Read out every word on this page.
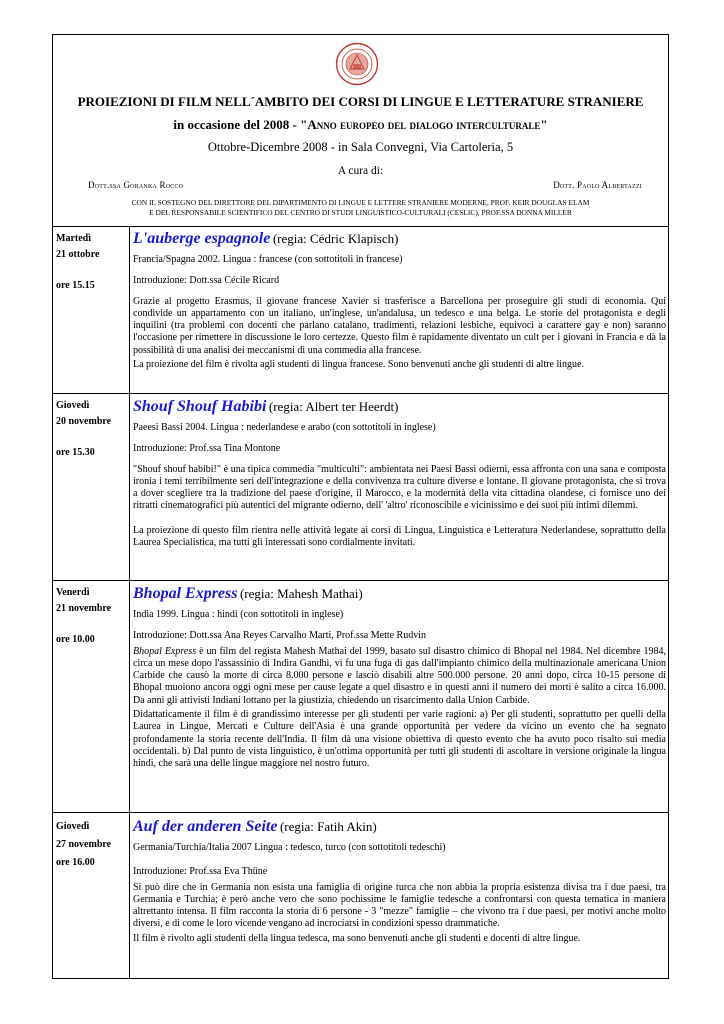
PROIEZIONI DI FILM NELL´AMBITO DEI CORSI DI LINGUE E LETTERATURE STRANIERE
in occasione del 2008 - "Anno europeo del dialogo interculturale"
Ottobre-Dicembre 2008 - in Sala Convegni, Via Cartoleria, 5
A cura di:
Dott.ssa Goranka Rocco	Dott. Paolo Albertazzi
CON IL SOSTEGNO DEL DIRETTORE DEL DIPARTIMENTO DI LINGUE E LETTERE STRANIERE MODERNE, PROF. KEIR DOUGLAS ELAM
E DEL RESPONSABILE SCIENTIFICO DEL CENTRO DI STUDI LINGUISTICO-CULTURALI (CESLIC), PROF.SSA DONNA MILLER
Martedì
21 ottobre
ore 15.15
L'auberge espagnole (regia: Cédric Klapisch)
Francia/Spagna 2002. Lingua : francese (con sottotitoli in francese)
Introduzione: Dott.ssa Cécile Ricard

Grazie al progetto Erasmus, il giovane francese Xavier si trasferisce a Barcellona per proseguire gli studi di economia. Qui condivide un appartamento con un italiano, un'inglese, un'andalusa, un tedesco e una belga. Le storie del protagonista e degli inquilini (tra problemi con docenti che parlano catalano, tradimenti, relazioni lesbiche, equivoci a carattere gay e non) saranno l'occasione per rimettere in discussione le loro certezze. Questo film è rapidamente diventato un cult per i giovani in Francia e dà la possibilità di una analisi dei meccanismi di una commedia alla francese.

La proiezione del film è rivolta agli studenti di lingua francese. Sono benvenuti anche gli studenti di altre lingue.

Giovedì
20 novembre
ore 15.30
Shouf Shouf Habibi (regia: Albert ter Heerdt)
Paeesi Bassi 2004. Lingua : nederlandese e arabo (con sottotitoli in inglese)
Introduzione: Prof.ssa Tina Montone

"Shouf shouf habibi!" è una tipica commedia "multiculti": ambientata nei Paesi Bassi odierni, essa affronta con una sana e composta ironia i temi terribilmente seri dell'integrazione e della convivenza tra culture diverse e lontane. Il giovane protagonista, che si trova a dover scegliere tra la tradizione del paese d'origine, il Marocco, e la modernità della vita cittadina olandese, ci fornisce uno dei ritratti cinematografici più autentici del migrante odierno, dell' 'altro' riconoscibile e vicinissimo e dei suoi più intimi dilemmi.

La proiezione di questo film rientra nelle attività legate ai corsi di Lingua, Linguistica e Letteratura Nederlandese, soprattutto della Laurea Specialistica, ma tutti gli interessati sono cordialmente invitati.

Venerdì
21 novembre
ore 10.00
Bhopal Express (regia: Mahesh Mathai)
India 1999. Lingua : hindi (con sottotitoli in inglese)
Introduzione: Dott.ssa Ana Reyes Carvalho Marti, Prof.ssa Mette Rudvin

Bhopal Express è un film del regista Mahesh Mathai del 1999, basato sul disastro chimico di Bhopal nel 1984. Nel dicembre 1984, circa un mese dopo l'assassinio di Indira Gandhi, vi fu una fuga di gas dall'impianto chimico della multinazionale americana Union Carbide che causò la morte di circa 8.000 persone e lasciò disabili altre 500.000 persone. 20 anni dopo, circa 10-15 persone di Bhopal muoiono ancora oggi ogni mese per cause legate a quel disastro e in questi anni il numero dei morti è salito a circa 16.000. Da anni gli attivisti Indiani lottano per la giustizia, chiedendo un risarcimento dalla Union Carbide.

Didattaticamente il film è di grandissimo interesse per gli studenti per varie ragioni: a) Per gli studenti, soprattutto per quelli della Laurea in Lingue, Mercati e Culture dell'Asia è una grande opportunità per vedere da vicino un evento che ha segnato profondamente la storia recente dell'India. Il film dà una visione obiettiva di questo evento che ha avuto poco risalto sui media occidentali. b) Dal punto de vista linguistico, è un'ottima opportunità per tutti gli studenti di ascoltare in versione originale la lingua hindi, che sarà una delle lingue maggiore nel nostro futuro.

Giovedì
27 novembre
ore 16.00
Auf der anderen Seite (regia: Fatih Akin)
Germania/Turchia/Italia 2007 Lingua : tedesco, turco (con sottotitoli tedeschi)
Introduzione: Prof.ssa Eva Thüne

Si può dire che in Germania non esista una famiglia di origine turca che non abbia la propria esistenza divisa tra i due paesi, tra Germania e Turchia; è però anche vero che sono pochissime le famiglie tedesche a confrontarsi con questa tematica in maniera altrettanto intensa. Il film racconta la storia di 6 persone - 3 "mezze" famiglie – che vivono tra i due paesi, per motivi anche molto diversi, e di come le loro vicende vengano ad incrociarsi in condizioni spesso drammatiche.

Il film è rivolto agli studenti della lingua tedesca, ma sono benvenuti anche gli studenti e docenti di altre lingue.
